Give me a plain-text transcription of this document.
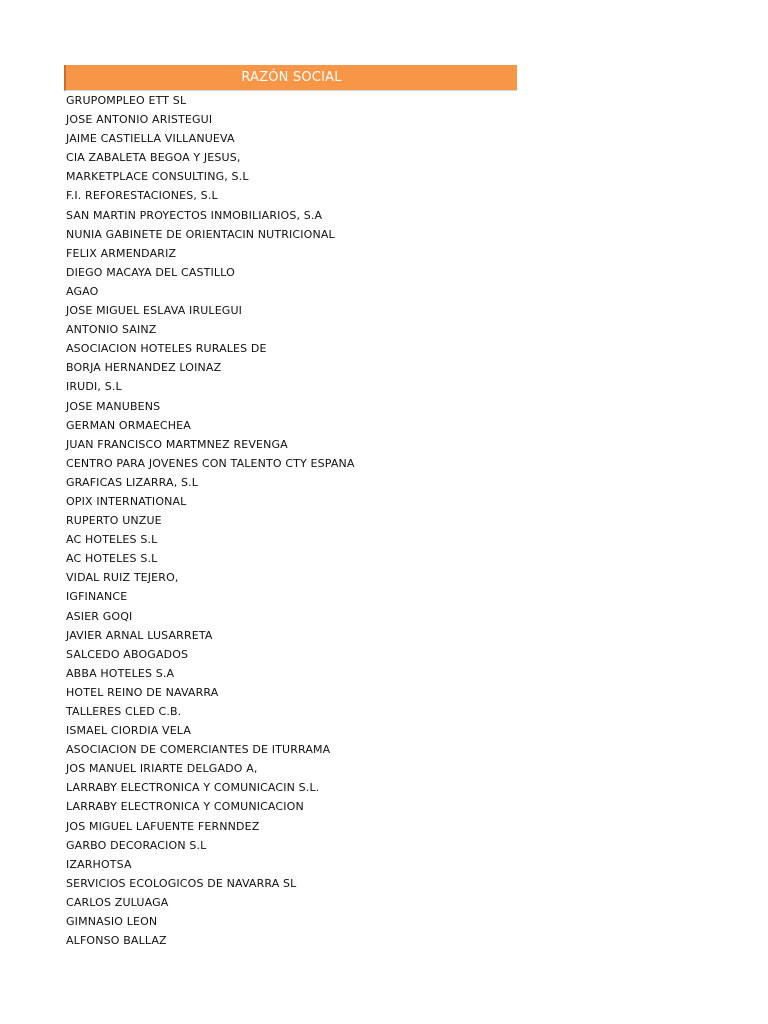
RAZÓN SOCIAL
GRUPOMPLEO ETT SL
JOSE ANTONIO ARISTEGUI
JAIME CASTIELLA VILLANUEVA
CIA ZABALETA BEGOA Y JESUS,
MARKETPLACE CONSULTING, S.L
F.I. REFORESTACIONES, S.L
SAN MARTIN PROYECTOS INMOBILIARIOS, S.A
NUNIA GABINETE DE ORIENTACIN NUTRICIONAL
FELIX ARMENDARIZ
DIEGO MACAYA DEL CASTILLO
AGAO
JOSE MIGUEL ESLAVA IRULEGUI
ANTONIO SAINZ
ASOCIACION HOTELES RURALES DE
BORJA HERNANDEZ LOINAZ
IRUDI, S.L
JOSE MANUBENS
GERMAN ORMAECHEA
JUAN FRANCISCO MARTMNEZ REVENGA
CENTRO PARA JOVENES CON TALENTO CTY ESPANA
GRAFICAS LIZARRA, S.L
OPIX INTERNATIONAL
RUPERTO UNZUE
AC HOTELES S.L
AC HOTELES S.L
VIDAL RUIZ TEJERO,
IGFINANCE
ASIER GOQI
JAVIER ARNAL LUSARRETA
SALCEDO ABOGADOS
ABBA HOTELES S.A
HOTEL REINO DE NAVARRA
TALLERES CLED C.B.
ISMAEL CIORDIA VELA
ASOCIACION DE COMERCIANTES DE ITURRAMA
JOS MANUEL IRIARTE DELGADO A,
LARRABY ELECTRONICA Y COMUNICACIN S.L.
LARRABY ELECTRONICA Y COMUNICACION
JOS MIGUEL LAFUENTE FERNNDEZ
GARBO DECORACION S.L
IZARHOTSA
SERVICIOS ECOLOGICOS DE NAVARRA SL
CARLOS ZULUAGA
GIMNASIO LEON
ALFONSO BALLAZ
